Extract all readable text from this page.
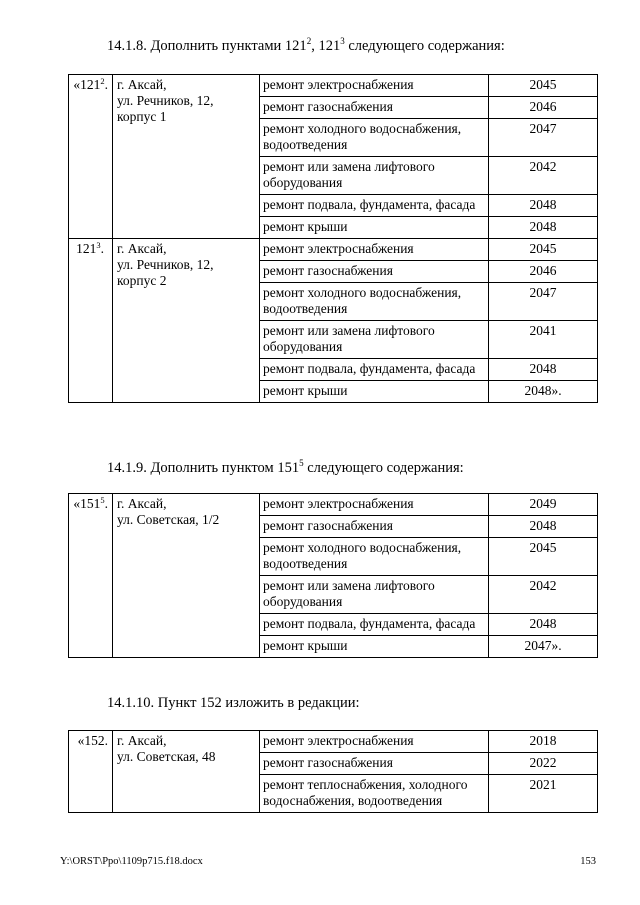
14.1.8. Дополнить пунктами $121^2$, $121^3$ следующего содержания:
«$121^2$.	г. Аксай,
ул. Речников, 12,
корпус 1	ремонт электроснабжения	2045
		ремонт газоснабжения	2046
		ремонт холодного водоснабжения, водоотведения	2047
		ремонт или замена лифтового оборудования	2042
		ремонт подвала, фундамента, фасада	2048
		ремонт крыши	2048
$121^3$.	г. Аксай,
ул. Речников, 12,
корпус 2	ремонт электроснабжения	2045
		ремонт газоснабжения	2046
		ремонт холодного водоснабжения, водоотведения	2047
		ремонт или замена лифтового оборудования	2041
		ремонт подвала, фундамента, фасада	2048
		ремонт крыши	2048».
14.1.9. Дополнить пунктом $151^5$ следующего содержания:
«$151^5$.	г. Аксай,
ул. Советская, 1/2	ремонт электроснабжения	2049
		ремонт газоснабжения	2048
		ремонт холодного водоснабжения, водоотведения	2045
		ремонт или замена лифтового оборудования	2042
		ремонт подвала, фундамента, фасада	2048
		ремонт крыши	2047».
14.1.10. Пункт 152 изложить в редакции:
«152.	г. Аксай,
ул. Советская, 48	ремонт электроснабжения	2018
		ремонт газоснабжения	2022
		ремонт теплоснабжения, холодного водоснабжения, водоотведения	2021
Y:\ORST\Ppo\1109p715.f18.docx	153
